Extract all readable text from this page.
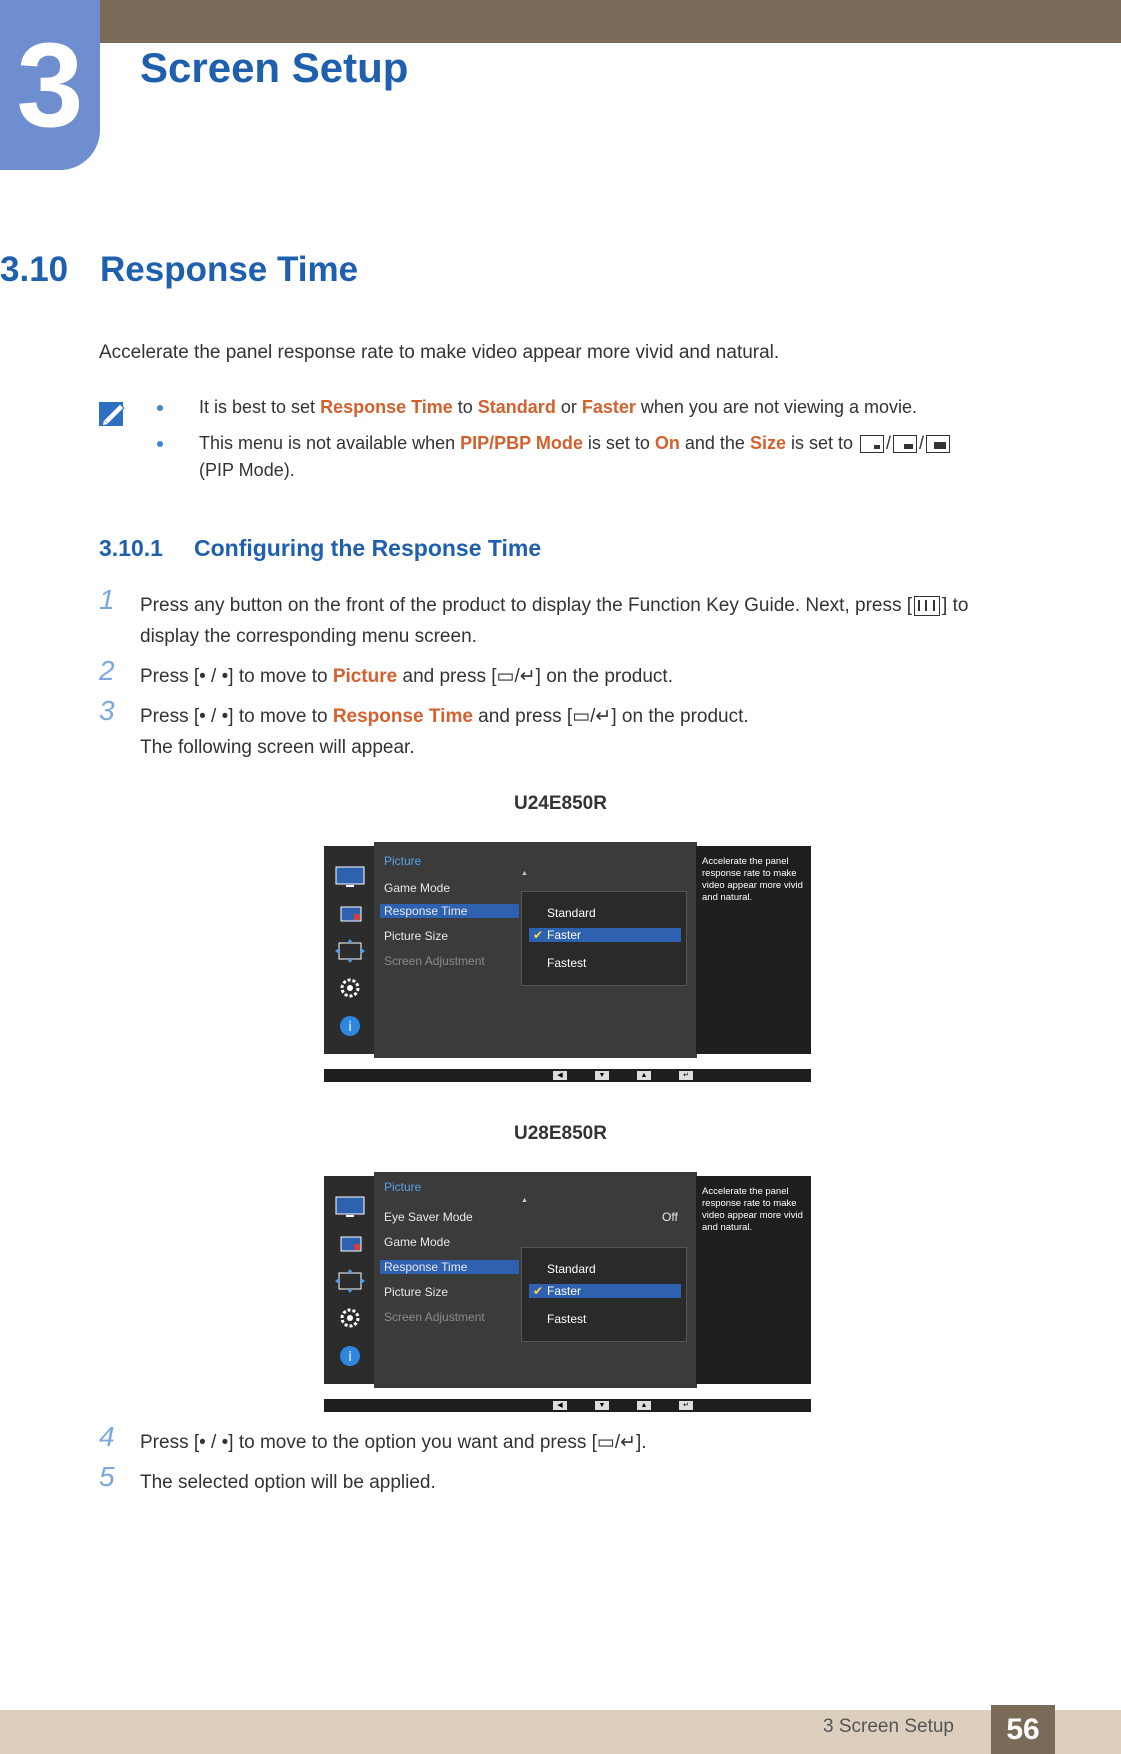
3	Screen Setup
3.10 Response Time
Accelerate the panel response rate to make video appear more vivid and natural.
It is best to set Response Time to Standard or Faster when you are not viewing a movie.
This menu is not available when PIP/PBP Mode is set to On and the Size is set to / /
(PIP Mode).
3.10.1 Configuring the Response Time
1 Press any button on the front of the product to display the Function Key Guide. Next, press [ ] to
display the corresponding menu screen.
2 Press [• / •] to move to Picture and press [▭/↵] on the product.
3 Press [• / •] to move to Response Time and press [▭/↵] on the product.
The following screen will appear.
U24E850R
i
Picture
▲
Game Mode
Response Time
Picture Size
Screen Adjustment
Standard
✔ Faster
Fastest
Accelerate the panel response rate to make video appear more vivid and natural.
◀	▼	▲	↵
U28E850R
i
Picture
▲
Eye Saver Mode	Off
Game Mode
Response Time
Picture Size
Screen Adjustment
Standard
✔ Faster
Fastest
Accelerate the panel response rate to make video appear more vivid and natural.
◀	▼	▲	↵
4 Press [• / •] to move to the option you want and press [▭/↵].
5 The selected option will be applied.
3 Screen Setup	56
